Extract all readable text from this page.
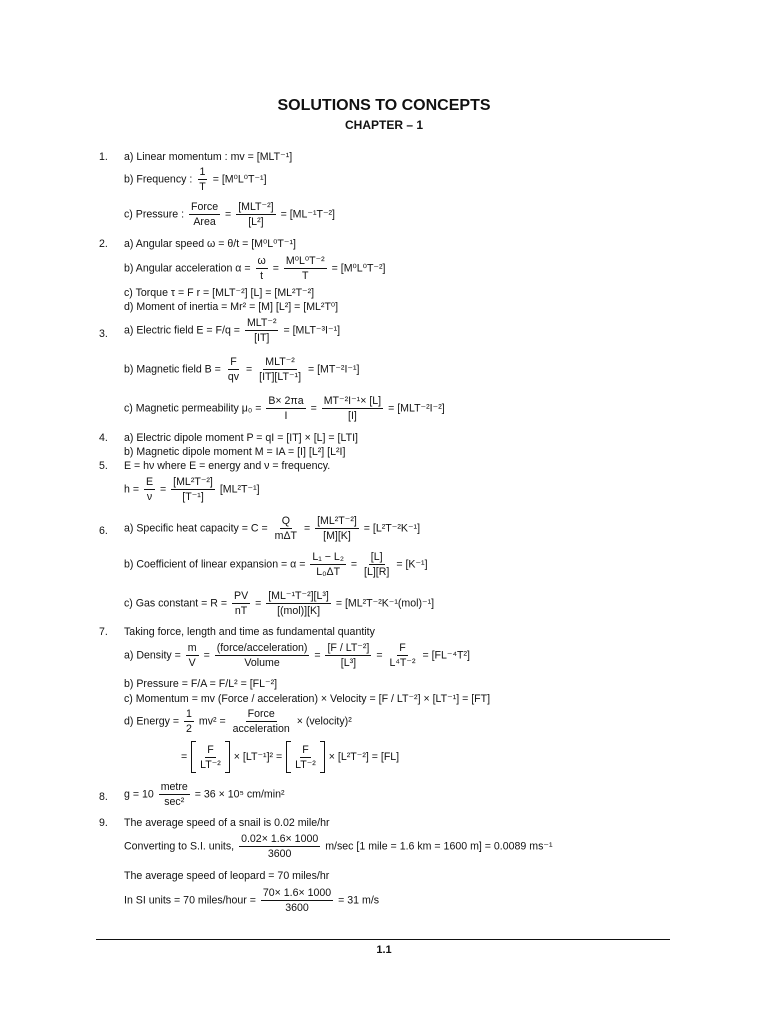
SOLUTIONS TO CONCEPTS
CHAPTER – 1
1.
2.
3.
4.
5.
6.
7.
8.
9.
a) Linear momentum : mv = [MLT⁻¹]
b) Frequency : $\frac{1}{T} = [M^0L^0T^{-1}]$
c) Pressure : $\frac{\text{Force}}{\text{Area}} = \frac{\text{[MLT⁻²]}}{\text{[L²]}} = [ML^{-1}T^{-2}]$
a) Angular speed ω = θ/t = [M⁰L⁰T⁻¹]
b) Angular acceleration $\alpha = \frac{\omega}{t} = \frac{\text{M⁰L⁰T⁻²}}{T} = [M^0L^0T^{-2}]$
c) Torque τ = F r = [MLT⁻²] [L] = [ML²T⁻²]
d) Moment of inertia = Mr² = [M] [L²] = [ML²T⁰]
a) Electric field $E = F/q = \frac{\text{MLT⁻²}}{[IT]} = [MLT^{-3}I^{-1}]$
b) Magnetic field $B = \frac{F}{qv} = \frac{\text{MLT⁻²}}{\text{[IT][LT⁻¹]}} = [MT^{-2}I^{-1}]$
c) Magnetic permeability $\mu_0 = \frac{B\times 2\pi a}{I} = \frac{\text{MT⁻²I⁻¹× [L]}}{[I]} = [MLT^{-2}I^{-2}]$
a) Electric dipole moment P = qI = [IT] × [L] = [LTI]
b) Magnetic dipole moment M = IA = [I] [L²] [L²I]
E = hν where E = energy and ν = frequency.
$h = \frac{E}{\nu} = \frac{\text{[ML²T⁻²]}}{\text{[T⁻¹]}} [ML^2T^{-1}]$
a) Specific heat capacity = $C = \frac{Q}{\text{mΔT}} = \frac{\text{[ML²T⁻²]}}{[M][K]} = [L^2T^{-2}K^{-1}]$
b) Coefficient of linear expansion = $\alpha = \frac{\text{L₁ − L₂}}{\text{L₀ΔT}} = \frac{[L]}{[L][R]} = [K^{-1}]$
c) Gas constant = $R = \frac{PV}{nT} = \frac{\text{[ML⁻¹T⁻²][L³]}}{\text{[(mol)][K]}} = [ML^2T^{-2}K^{-1}(mol)^{-1}]$
Taking force, length and time as fundamental quantity
a) Density = $\frac{m}{V} = \frac{\text{(force/acceleration)}}{\text{Volume}} = \frac{\text{[F / LT⁻²]}}{\text{[L³]}} = \frac{F}{\text{L⁴T⁻²}} = [FL^{-4}T^2]$
b) Pressure = F/A = F/L² = [FL⁻²]
c) Momentum = mv (Force / acceleration) × Velocity = [F / LT⁻²] × [LT⁻¹] = [FT]
d) Energy = $\frac{1}{2} mv^2 = \frac{\text{Force}}{\text{acceleration}}$ × (velocity)²
= $\frac{F}{\text{LT⁻²}} \times [LT^{-1}]^2 = \frac{F}{\text{LT⁻²}} \times [L^2T^{-2}] = [FL]$
$g = 10 \frac{\text{metre}}{\text{sec²}} = 36 \times 10^5$ cm/min²
The average speed of a snail is 0.02 mile/hr
Converting to S.I. units, $\frac{0.02\times 1.6\times 1000}{3600} m/\sec$ [1 mile = 1.6 km = 1600 m] = 0.0089 ms⁻¹
The average speed of leopard = 70 miles/hr
In SI units = 70 miles/hour = $\frac{70\times 1.6\times 1000}{3600} = 31$ m/s
1.1
